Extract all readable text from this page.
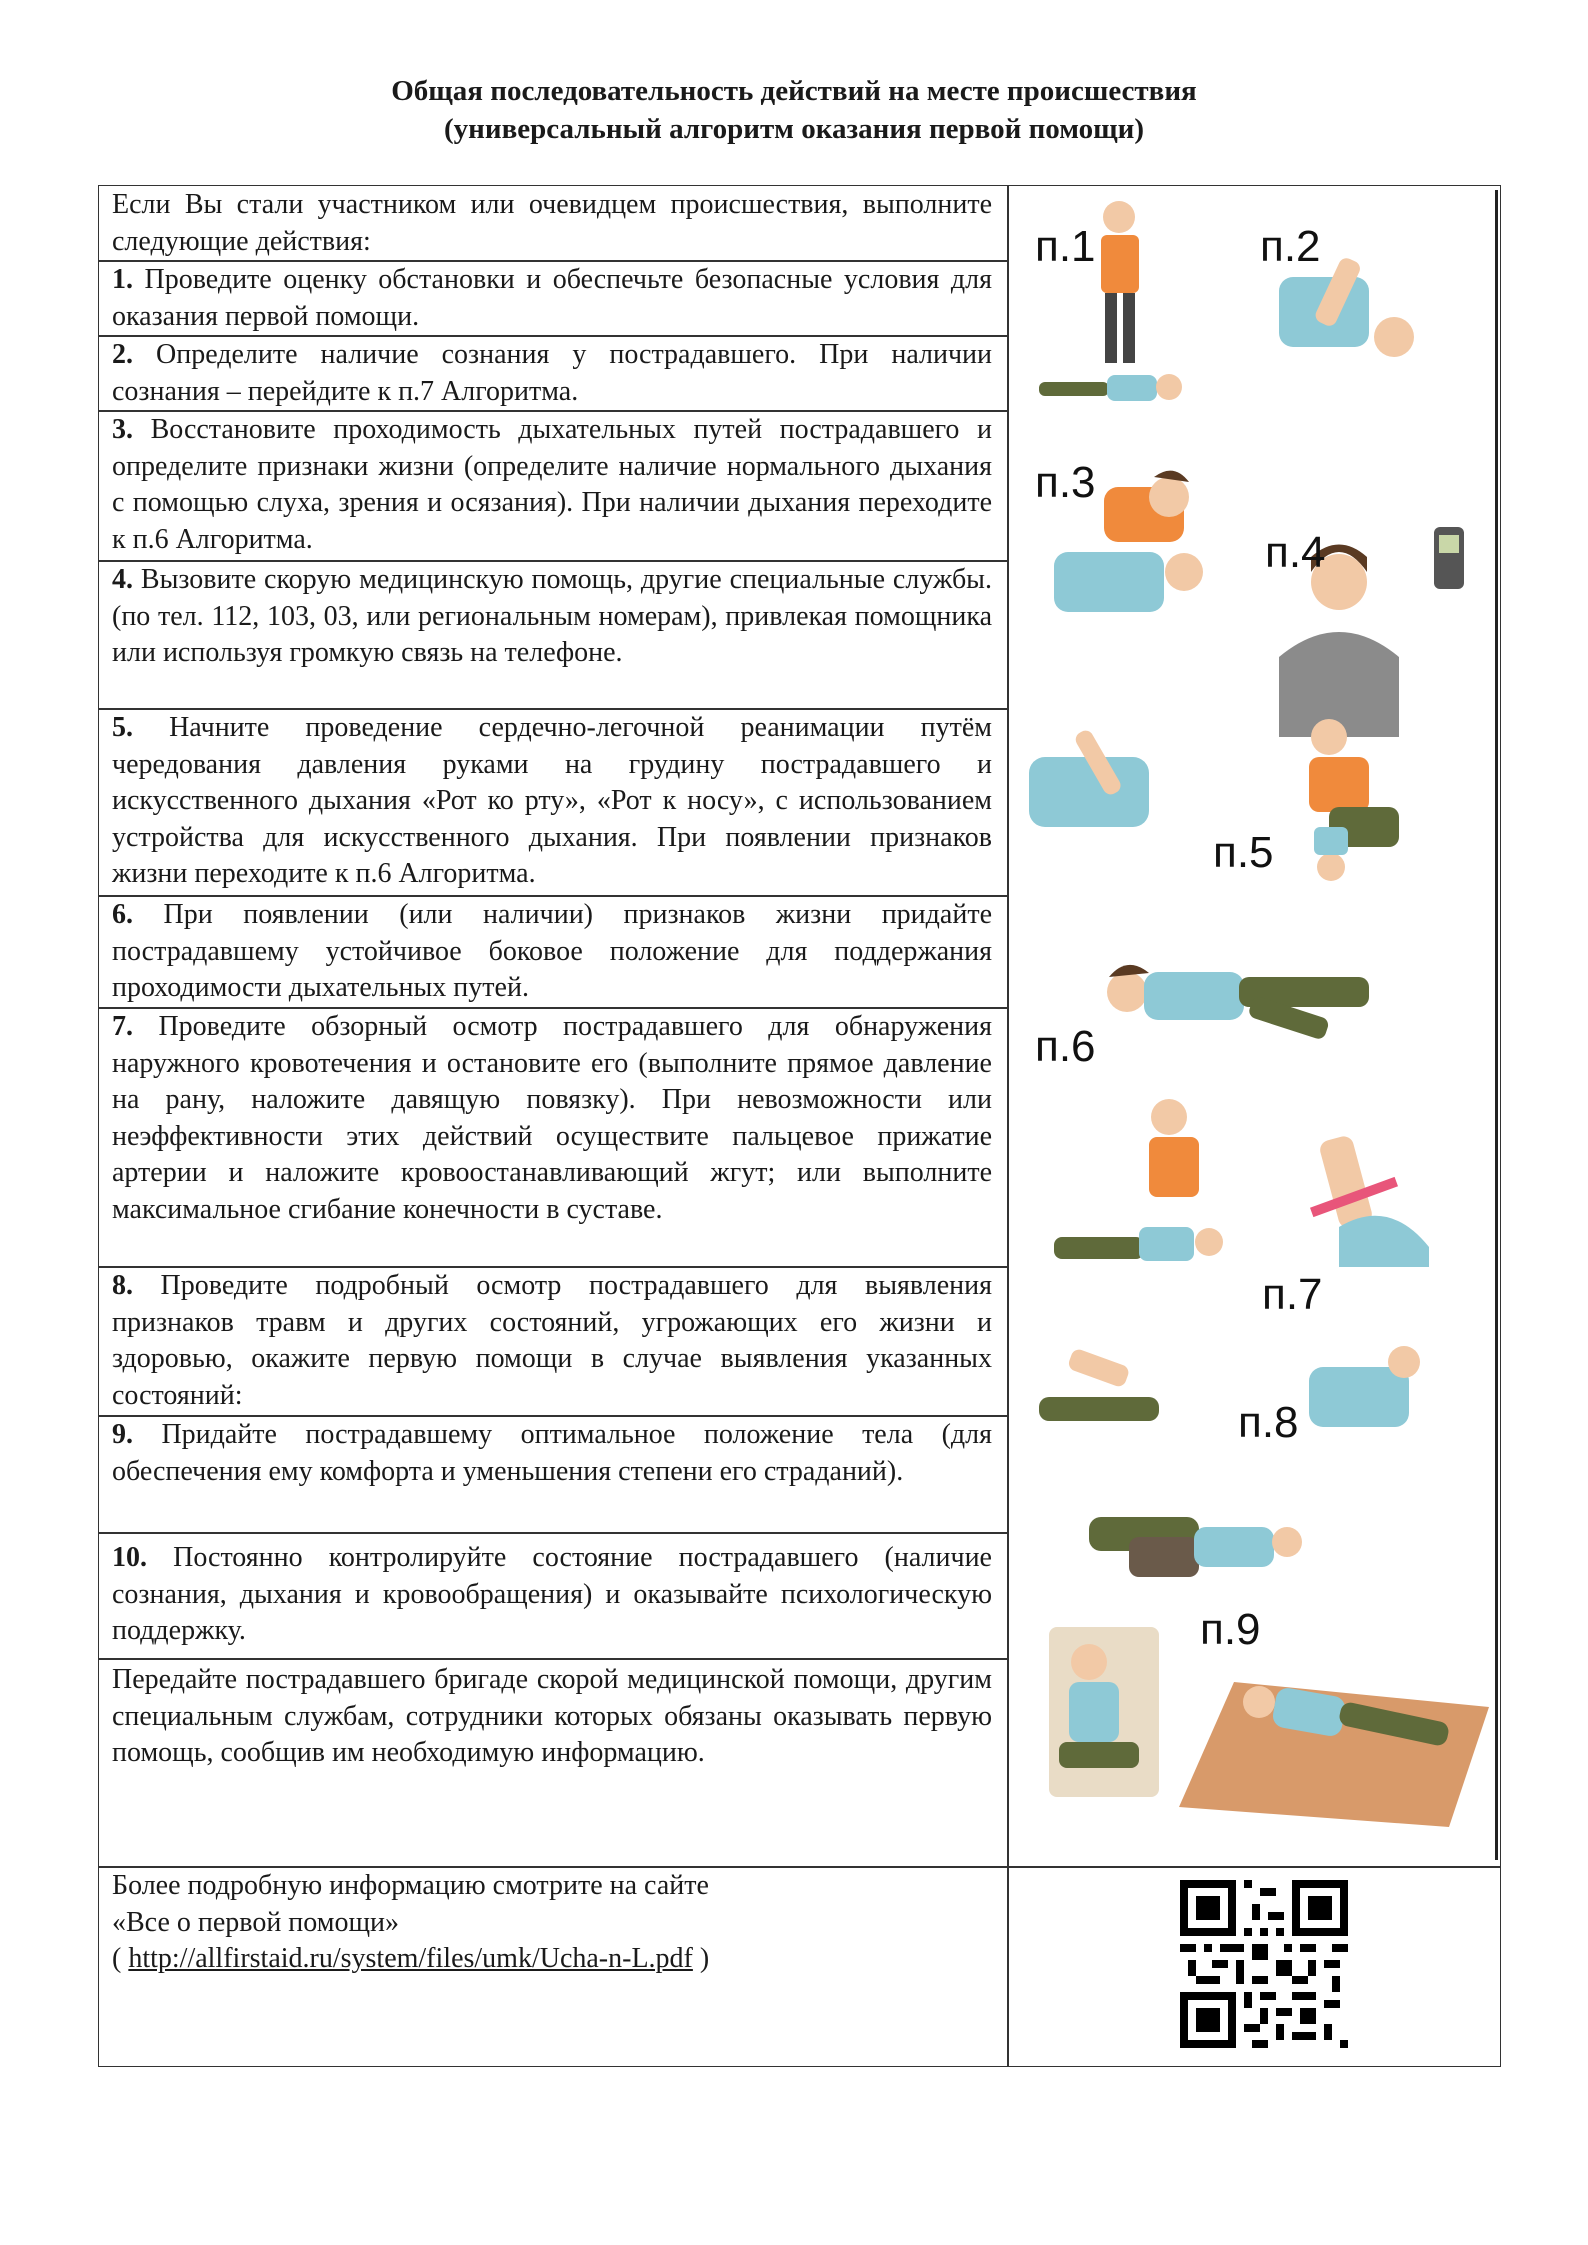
Общая последовательность действий на месте происшествия
(универсальный алгоритм оказания первой помощи)
Если Вы стали участником или очевидцем происшествия, выполните следующие действия:
1. Проведите оценку обстановки и обеспечьте безопасные условия для оказания первой помощи.
2. Определите наличие сознания у пострадавшего. При наличии сознания – перейдите к п.7 Алгоритма.
3. Восстановите проходимость дыхательных путей пострадавшего и определите признаки жизни (определите наличие нормального дыхания с помощью слуха, зрения и осязания). При наличии дыхания переходите к п.6 Алгоритма.
4. Вызовите скорую медицинскую помощь, другие специальные службы. (по тел. 112, 103, 03, или региональным номерам), привлекая помощника или используя громкую связь на телефоне.
5. Начните проведение сердечно-легочной реанимации путём чередования давления руками на грудину пострадавшего и искусственного дыхания «Рот ко рту», «Рот к носу», с использованием устройства для искусственного дыхания. При появлении признаков жизни переходите к п.6 Алгоритма.
6. При появлении (или наличии) признаков жизни придайте пострадавшему устойчивое боковое положение для поддержания проходимости дыхательных путей.
7. Проведите обзорный осмотр пострадавшего для обнаружения наружного кровотечения и остановите его (выполните прямое давление на рану, наложите давящую повязку). При невозможности или неэффективности этих действий осуществите пальцевое прижатие артерии и наложите кровоостанавливающий жгут; или выполните максимальное сгибание конечности в суставе.
8. Проведите подробный осмотр пострадавшего для выявления признаков травм и других состояний, угрожающих его жизни и здоровью, окажите первую помощи в случае выявления указанных состояний:
9. Придайте пострадавшему оптимальное положение тела (для обеспечения ему комфорта и уменьшения степени его страданий).
10. Постоянно контролируйте состояние пострадавшего (наличие сознания, дыхания и кровообращения) и оказывайте психологическую поддержку.
Передайте пострадавшего бригаде скорой медицинской помощи, другим специальным службам, сотрудники которых обязаны оказывать первую помощь, сообщив им необходимую информацию.
Более подробную информацию смотрите на сайте
«Все о первой помощи»
( http://allfirstaid.ru/system/files/umk/Ucha-n-L.pdf )
п.1	п.2
п.3
п.4
п.5
п.6
п.7
п.8
п.9
